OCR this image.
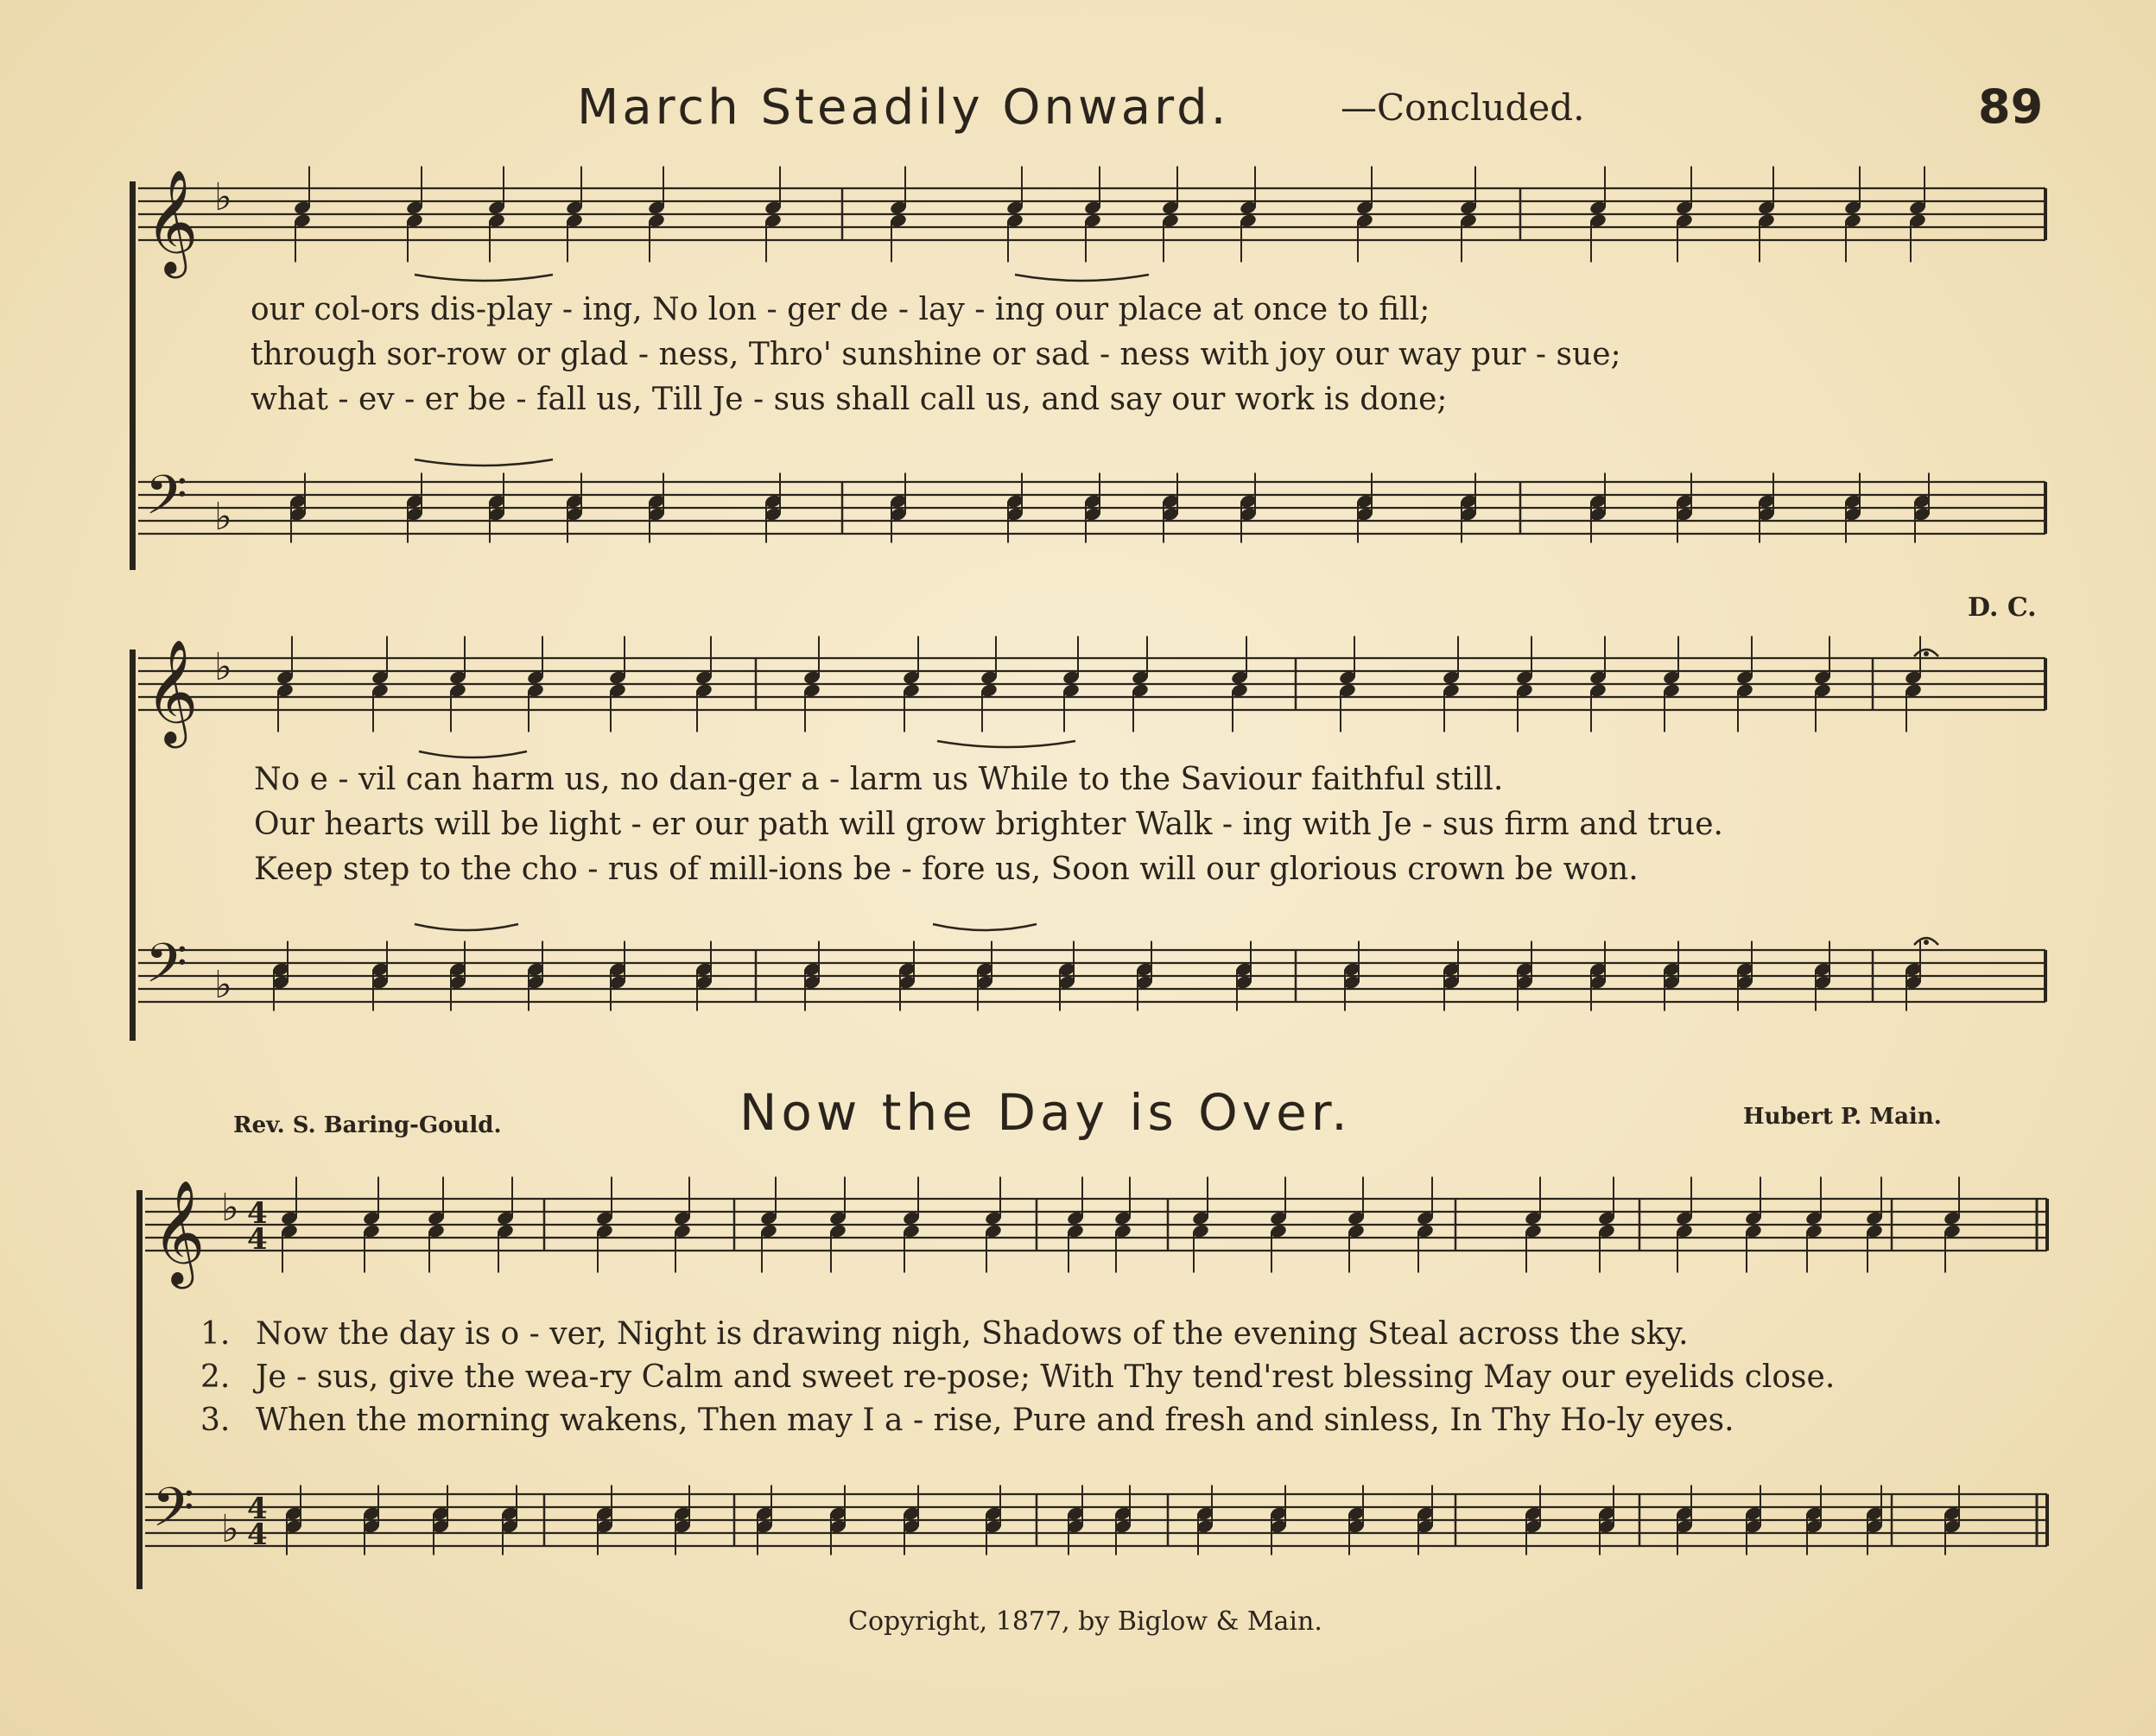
𝄞
𝄢
♭
♭
𝄞
𝄢
♭
♭
𝄞
𝄢
♭
♭
4
4
4
4
March Steadily Onward.	—Concluded.	89
our col-ors dis-play - ing, No lon - ger de - lay - ing our place at once to fill;
through sor-row or glad - ness, Thro' sunshine or sad - ness with joy our way pur - sue;
what - ev - er be - fall us, Till Je - sus shall call us, and say our work is done;
D. C.
No e - vil can harm us, no dan-ger a - larm us While to the Saviour faithful still.
Our hearts will be light - er our path will grow brighter Walk - ing with Je - sus firm and true.
Keep step to the cho - rus of mill-ions be - fore us, Soon will our glorious crown be won.
Rev. S. Baring-Gould.	Now the Day is Over.	Hubert P. Main.
1. Now the day is o - ver, Night is drawing nigh, Shadows of the evening Steal across the sky.
2. Je - sus, give the wea-ry Calm and sweet re-pose; With Thy tend'rest blessing May our eyelids close.
3. When the morning wakens, Then may I a - rise, Pure and fresh and sinless, In Thy Ho-ly eyes.
Copyright, 1877, by Biglow & Main.
